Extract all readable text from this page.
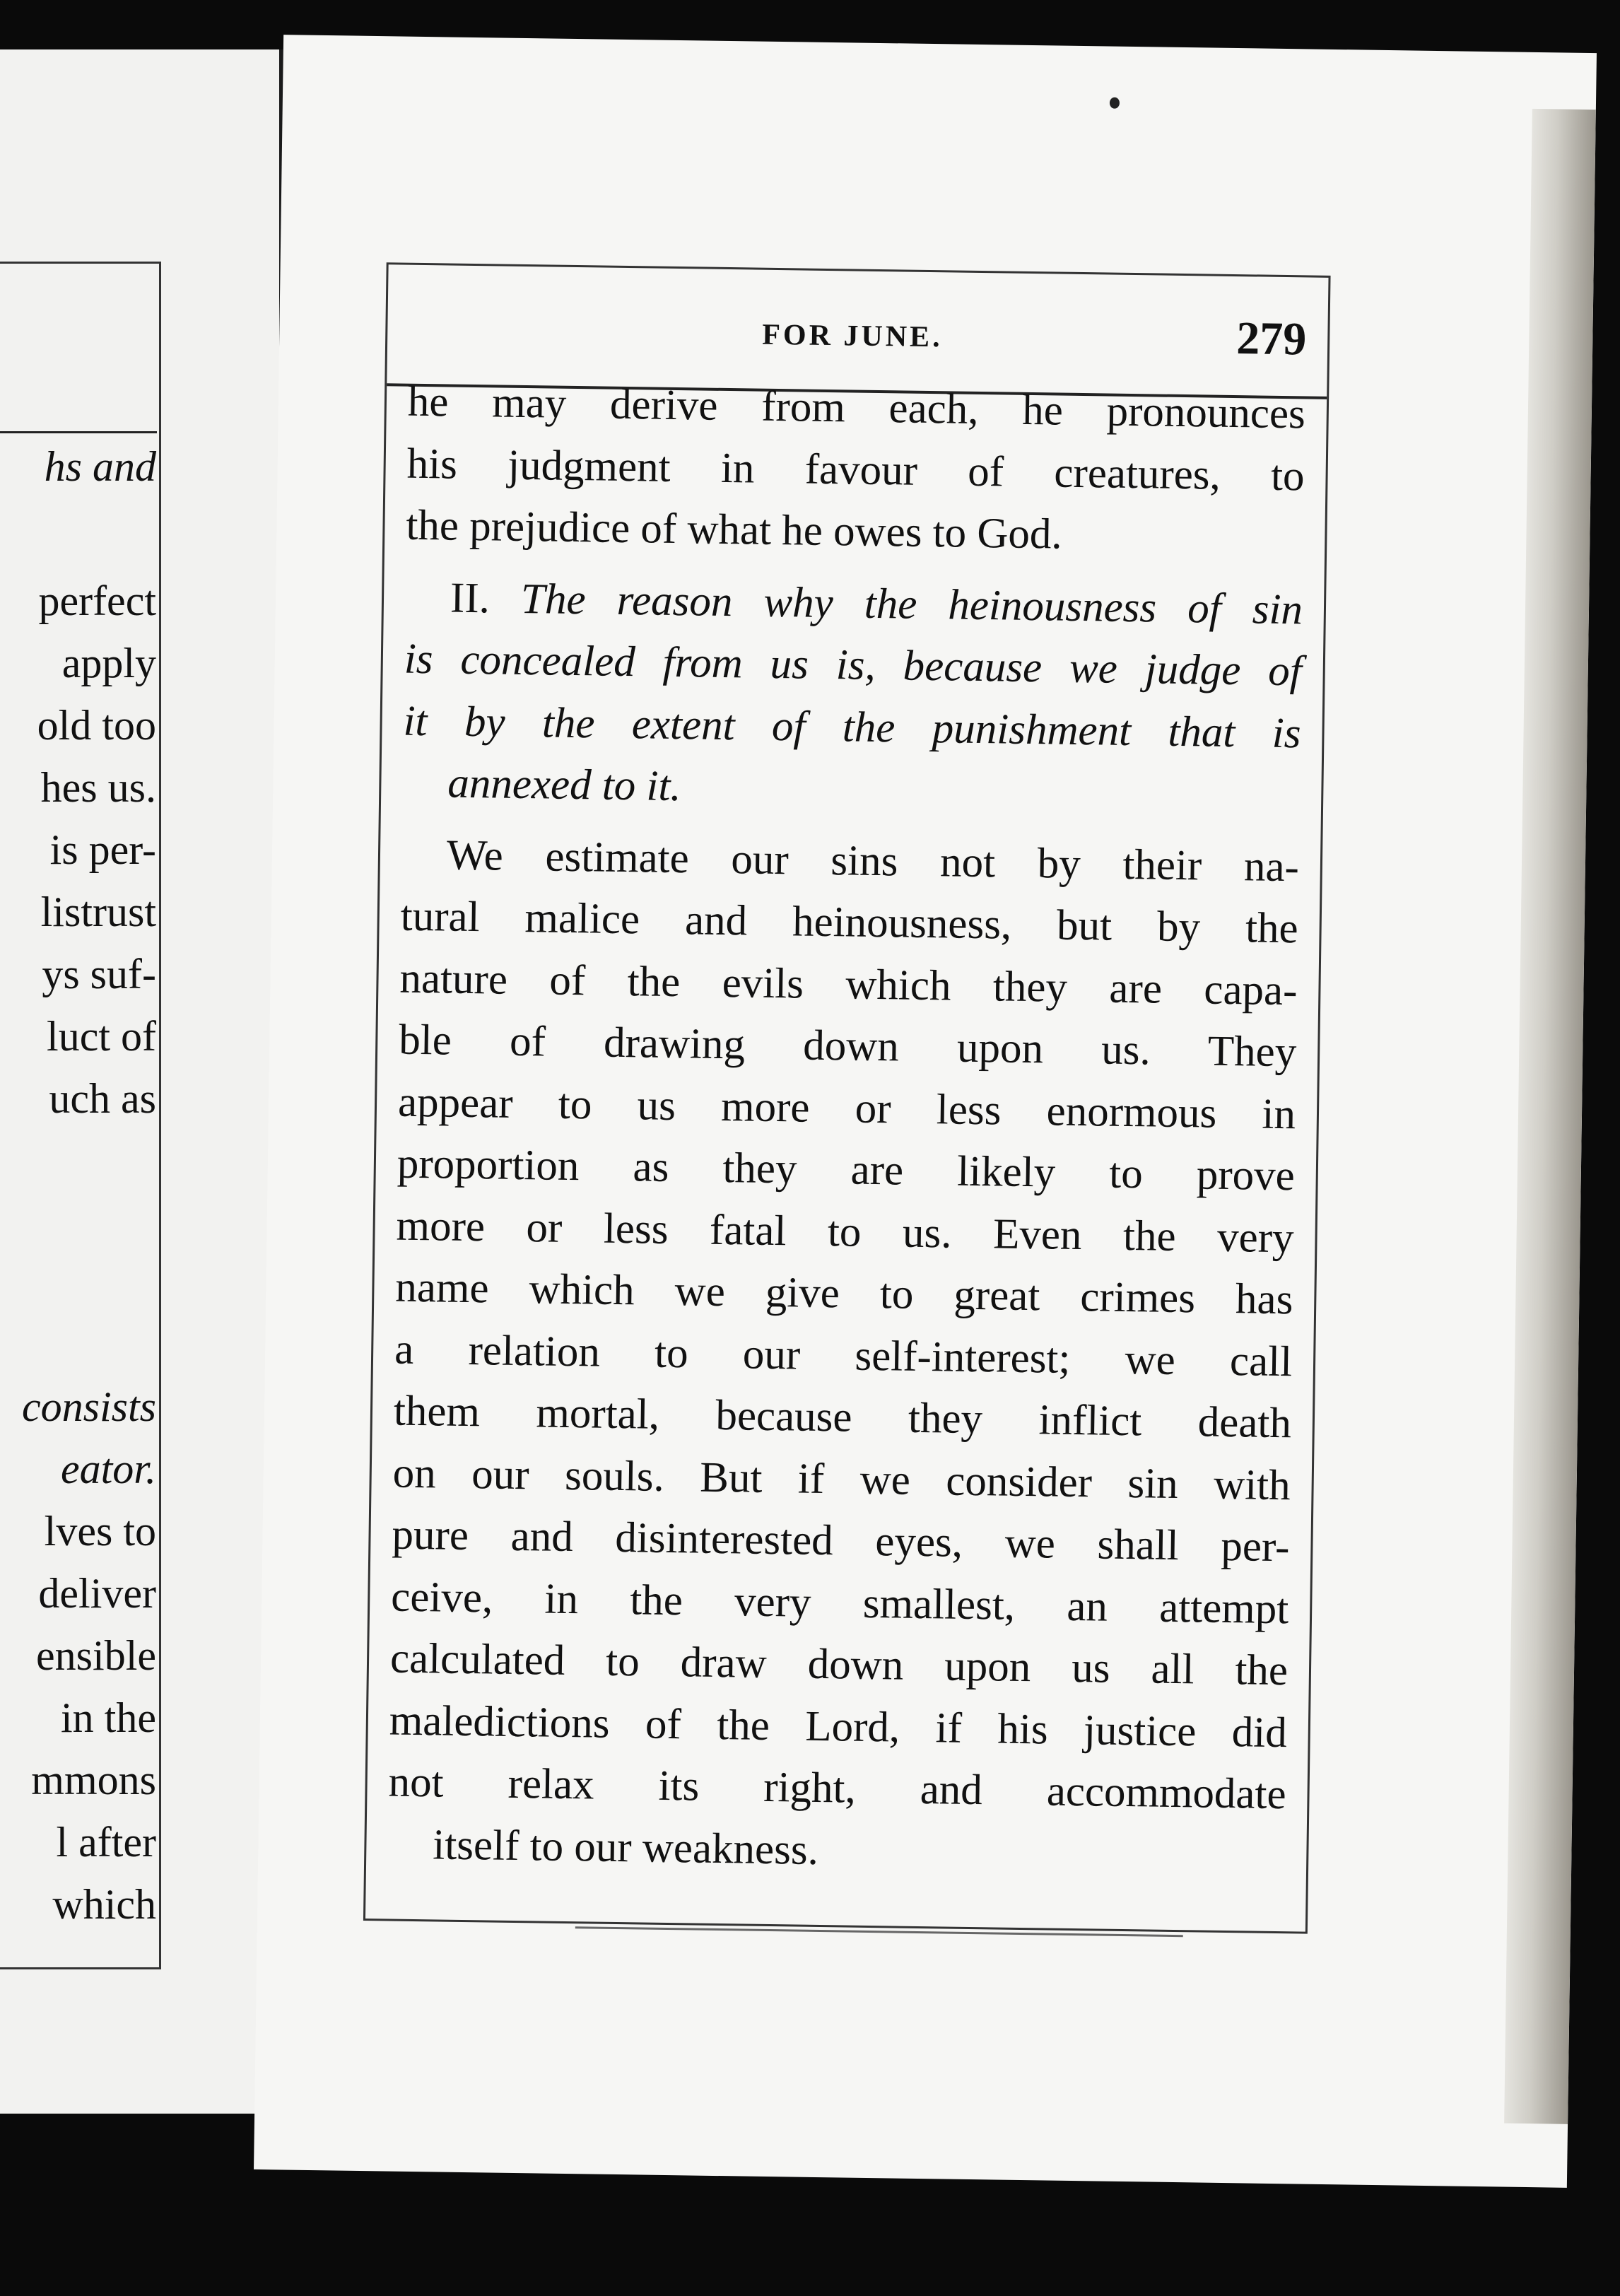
hs and
perfect
apply
old too
hes us.
is per-
listrust
ys suf-
luct of
uch as
consists
eator.
lves to
deliver
ensible
in the
mmons
l after
which
FOR JUNE.	279

he may derive from each, he pronounces
his judgment in favour of creatures, to

the prejudice of what he owes to God.

II. The reason why the heinousness of sin
is concealed from us is, because we judge of
it by the extent of the punishment that is

annexed to it.

We estimate our sins not by their na-
tural malice and heinousness, but by the
nature of the evils which they are capa-
ble of drawing down upon us. They
appear to us more or less enormous in
proportion as they are likely to prove
more or less fatal to us. Even the very
name which we give to great crimes has
a relation to our self-interest; we call
them mortal, because they inflict death
on our souls. But if we consider sin with
pure and disinterested eyes, we shall per-
ceive, in the very smallest, an attempt
calculated to draw down upon us all the
maledictions of the Lord, if his justice did
not relax its right, and accommodate

itself to our weakness.
